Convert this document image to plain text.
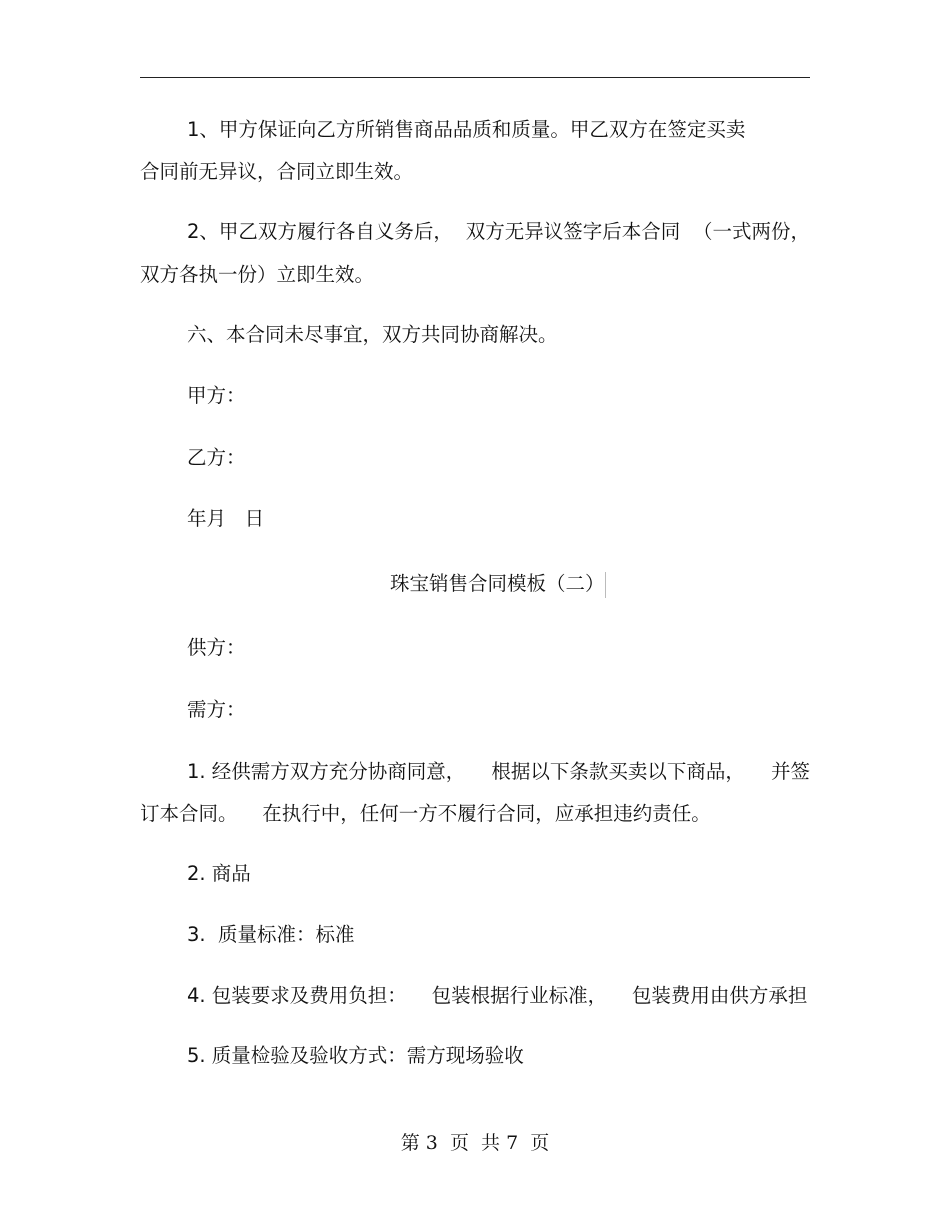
1、甲方保证向乙方所销售商品品质和质量。甲乙双方在签定买卖
合同前无异议，合同立即生效。
2、甲乙双方履行各自义务后， 双方无异议签字后本合同 （一式两份，
双方各执一份）立即生效。
六、本合同未尽事宜，双方共同协商解决。
甲方：
乙方：
年月   日
珠宝销售合同模板（二）
供方：
需方：
1. 经供需方双方充分协商同意， 根据以下条款买卖以下商品， 并签
订本合同。    在执行中，任何一方不履行合同，应承担违约责任。
2. 商品
3.  质量标准：标准
4. 包装要求及费用负担：    包装根据行业标准，    包装费用由供方承担
5. 质量检验及验收方式：需方现场验收
第 3  页  共 7  页
